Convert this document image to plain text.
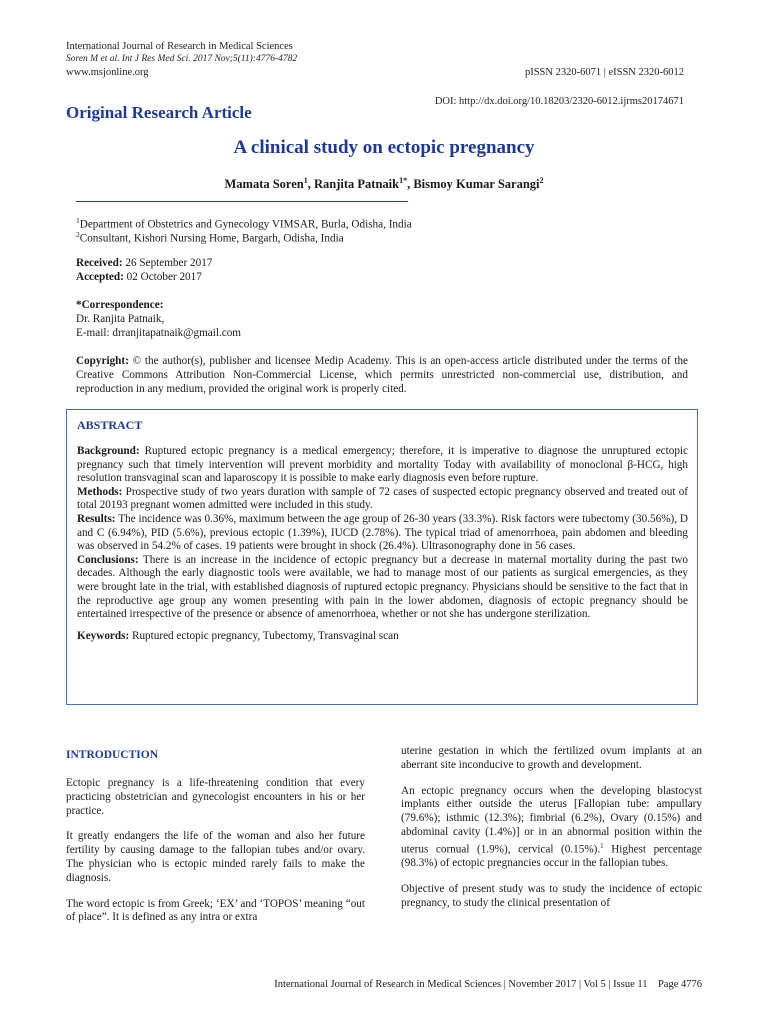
International Journal of Research in Medical Sciences
Soren M et al. Int J Res Med Sci. 2017 Nov;5(11):4776-4782
www.msjonline.org	pISSN 2320-6071 | eISSN 2320-6012
DOI: http://dx.doi.org/10.18203/2320-6012.ijrms20174671
Original Research Article
A clinical study on ectopic pregnancy
Mamata Soren$^1$, Ranjita Patnaik$^{1*}$, Bismoy Kumar Sarangi$^2$
$^1$Department of Obstetrics and Gynecology VIMSAR, Burla, Odisha, India
$^2$Consultant, Kishori Nursing Home, Bargarh, Odisha, India
Received: 26 September 2017
Accepted: 02 October 2017
*Correspondence:
Dr. Ranjita Patnaik,
E-mail: drranjitapatnaik@gmail.com
Copyright: © the author(s), publisher and licensee Medip Academy. This is an open-access article distributed under the terms of the Creative Commons Attribution Non-Commercial License, which permits unrestricted non-commercial use, distribution, and reproduction in any medium, provided the original work is properly cited.
ABSTRACT

Background: Ruptured ectopic pregnancy is a medical emergency; therefore, it is imperative to diagnose the unruptured ectopic pregnancy such that timely intervention will prevent morbidity and mortality Today with availability of monoclonal β-HCG, high resolution transvaginal scan and laparoscopy it is possible to make early diagnosis even before rupture.

Methods: Prospective study of two years duration with sample of 72 cases of suspected ectopic pregnancy observed and treated out of total 20193 pregnant women admitted were included in this study.

Results: The incidence was 0.36%, maximum between the age group of 26-30 years (33.3%). Risk factors were tubectomy (30.56%), D and C (6.94%), PID (5.6%), previous ectopic (1.39%), IUCD (2.78%). The typical triad of amenorrhoea, pain abdomen and bleeding was observed in 54.2% of cases. 19 patients were brought in shock (26.4%). Ultrasonography done in 56 cases.

Conclusions: There is an increase in the incidence of ectopic pregnancy but a decrease in maternal mortality during the past two decades. Although the early diagnostic tools were available, we had to manage most of our patients as surgical emergencies, as they were brought late in the trial, with established diagnosis of ruptured ectopic pregnancy. Physicians should be sensitive to the fact that in the reproductive age group any women presenting with pain in the lower abdomen, diagnosis of ectopic pregnancy should be entertained irrespective of the presence or absence of amenorrhoea, whether or not she has undergone sterilization.

Keywords: Ruptured ectopic pregnancy, Tubectomy, Transvaginal scan

INTRODUCTION

Ectopic pregnancy is a life-threatening condition that every practicing obstetrician and gynecologist encounters in his or her practice.

It greatly endangers the life of the woman and also her future fertility by causing damage to the fallopian tubes and/or ovary. The physician who is ectopic minded rarely fails to make the diagnosis.

The word ectopic is from Greek; ‘EX’ and ‘TOPOS’ meaning “out of place”. It is defined as any intra or extra

uterine gestation in which the fertilized ovum implants at an aberrant site inconducive to growth and development.

An ectopic pregnancy occurs when the developing blastocyst implants either outside the uterus [Fallopian tube: ampullary (79.6%); isthmic (12.3%); fimbrial (6.2%), Ovary (0.15%) and abdominal cavity (1.4%)] or in an abnormal position within the uterus cornual (1.9%), cervical (0.15%).$^1$ Highest percentage (98.3%) of ectopic pregnancies occur in the fallopian tubes.

Objective of present study was to study the incidence of ectopic pregnancy, to study the clinical presentation of

International Journal of Research in Medical Sciences | November 2017 | Vol 5 | Issue 11    Page 4776
